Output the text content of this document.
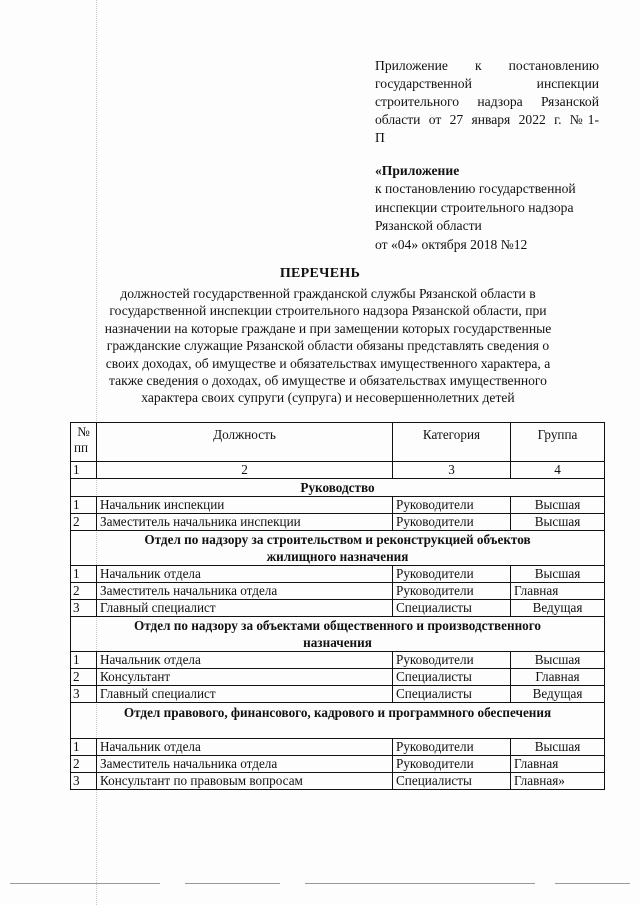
Приложение к постановлению
государственной инспекции
строительного надзора Рязанской
области от 27 января 2022 г. №1-
П
«Приложение
к постановлению государственной
инспекции строительного надзора
Рязанской области
от «04» октября 2018 №12
ПЕРЕЧЕНЬ
должностей государственной гражданской службы Рязанской области в
государственной инспекции строительного надзора Рязанской области, при
назначении на которые граждане и при замещении которых государственные
гражданские служащие Рязанской области обязаны представлять сведения о
своих доходах, об имуществе и обязательствах имущественного характера, а
также сведения о доходах, об имуществе и обязательствах имущественного
характера своих супруги (супруга) и несовершеннолетних детей
№
пп	Должность	Категория	Группа
1	2	3	4
Руководство			
1	Начальник инспекции	Руководители	Высшая
2	Заместитель начальника инспекции	Руководители	Высшая
Отдел по надзору за строительством и реконструкцией объектов жилищного назначения			
1	Начальник отдела	Руководители	Высшая
2	Заместитель начальника отдела	Руководители	Главная
3	Главный специалист	Специалисты	Ведущая
Отдел по надзору за объектами общественного и производственного назначения			
1	Начальник отдела	Руководители	Высшая
2	Консультант	Специалисты	Главная
3	Главный специалист	Специалисты	Ведущая
Отдел правового, финансового, кадрового и программного обеспечения			
1	Начальник отдела	Руководители	Высшая
2	Заместитель начальника отдела	Руководители	Главная
3	Консультант по правовым вопросам	Специалисты	Главная»
